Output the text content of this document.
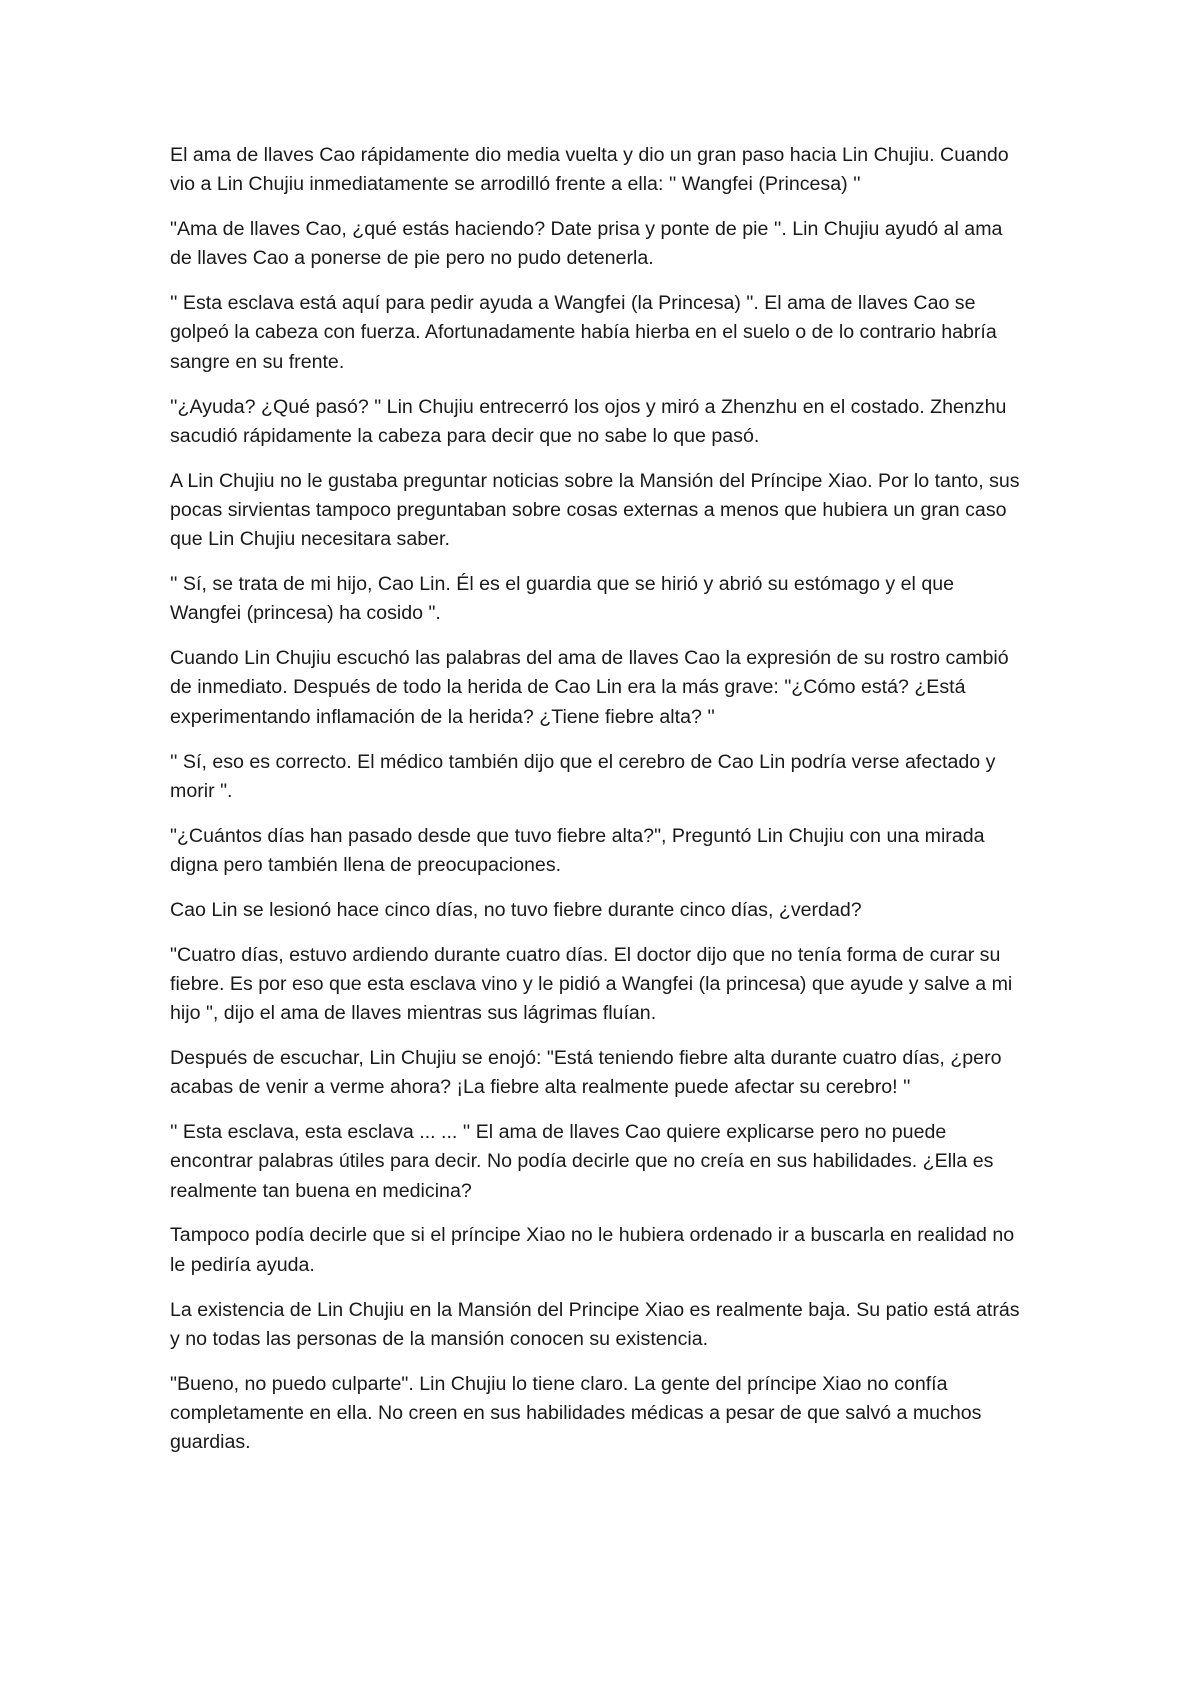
El ama de llaves Cao rápidamente dio media vuelta y dio un gran paso hacia Lin Chujiu. Cuando vio a Lin Chujiu inmediatamente se arrodilló frente a ella: '' Wangfei (Princesa) ''

"Ama de llaves Cao, ¿qué estás haciendo? Date prisa y ponte de pie ''. Lin Chujiu ayudó al ama de llaves Cao a ponerse de pie pero no pudo detenerla.

'' Esta esclava está aquí para pedir ayuda a Wangfei (la Princesa) ". El ama de llaves Cao se golpeó la cabeza con fuerza. Afortunadamente había hierba en el suelo o de lo contrario habría sangre en su frente.

''¿Ayuda? ¿Qué pasó? " Lin Chujiu entrecerró los ojos y miró a Zhenzhu en el costado. Zhenzhu sacudió rápidamente la cabeza para decir que no sabe lo que pasó.

A Lin Chujiu no le gustaba preguntar noticias sobre la Mansión del Príncipe Xiao. Por lo tanto, sus pocas sirvientas tampoco preguntaban sobre cosas externas a menos que hubiera un gran caso que Lin Chujiu necesitara saber.

'' Sí, se trata de mi hijo, Cao Lin. Él es el guardia que se hirió y abrió su estómago y el que Wangfei (princesa) ha cosido ".

Cuando Lin Chujiu escuchó las palabras del ama de llaves Cao la expresión de su rostro cambió de inmediato. Después de todo la herida de Cao Lin era la más grave: "¿Cómo está? ¿Está experimentando inflamación de la herida? ¿Tiene fiebre alta? ''

'' Sí, eso es correcto. El médico también dijo que el cerebro de Cao Lin podría verse afectado y morir ".

"¿Cuántos días han pasado desde que tuvo fiebre alta?", Preguntó Lin Chujiu con una mirada digna pero también llena de preocupaciones.

Cao Lin se lesionó hace cinco días, no tuvo fiebre durante cinco días, ¿verdad?

"Cuatro días, estuvo ardiendo durante cuatro días. El doctor dijo que no tenía forma de curar su fiebre. Es por eso que esta esclava vino y le pidió a Wangfei (la princesa) que ayude y salve a mi hijo ", dijo el ama de llaves mientras sus lágrimas fluían.

Después de escuchar, Lin Chujiu se enojó: "Está teniendo fiebre alta durante cuatro días, ¿pero acabas de venir a verme ahora? ¡La fiebre alta realmente puede afectar su cerebro! ''

'' Esta esclava, esta esclava ... ... '' El ama de llaves Cao quiere explicarse pero no puede encontrar palabras útiles para decir. No podía decirle que no creía en sus habilidades. ¿Ella es realmente tan buena en medicina?

Tampoco podía decirle que si el príncipe Xiao no le hubiera ordenado ir a buscarla en realidad no le pediría ayuda.

La existencia de Lin Chujiu en la Mansión del Principe Xiao es realmente baja. Su patio está atrás y no todas las personas de la mansión conocen su existencia.

"Bueno, no puedo culparte". Lin Chujiu lo tiene claro. La gente del príncipe Xiao no confía completamente en ella. No creen en sus habilidades médicas a pesar de que salvó a muchos guardias.
